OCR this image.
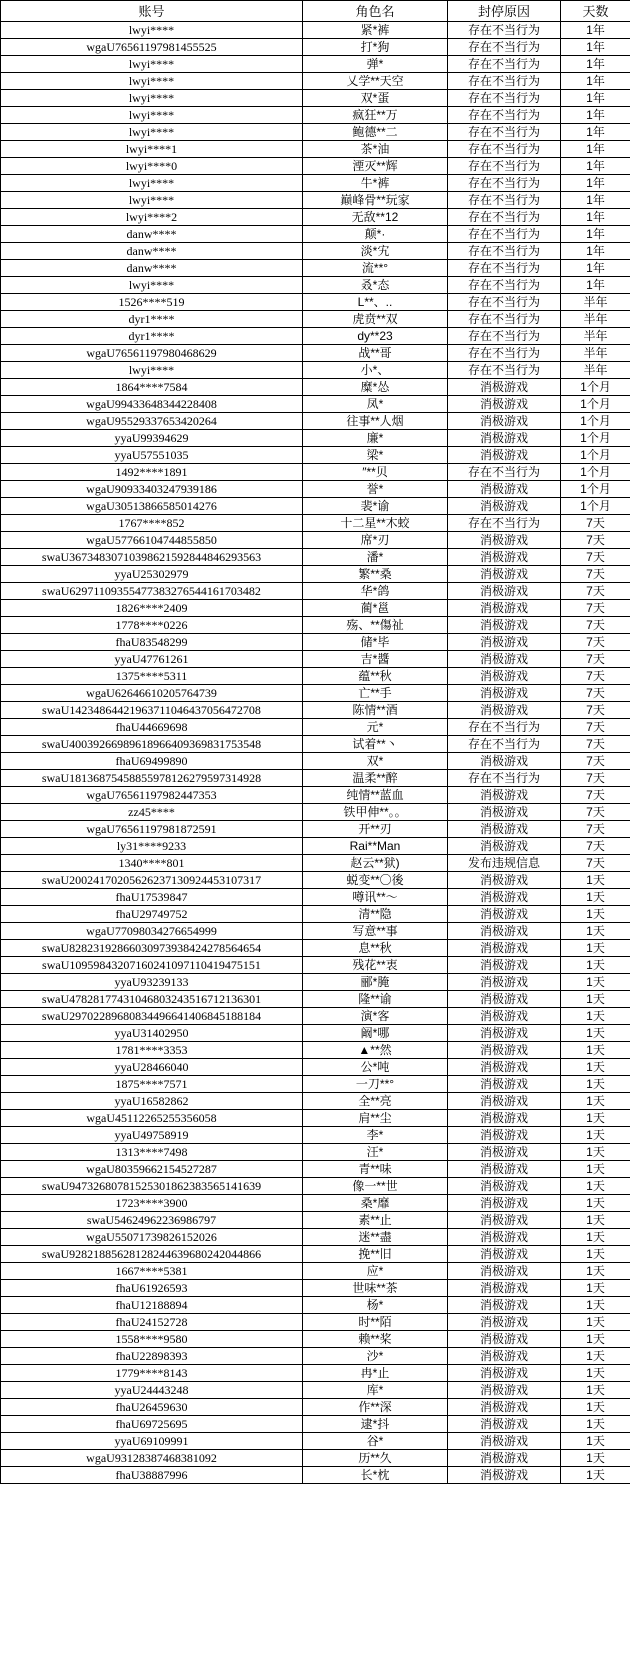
账号	角色名	封停原因	天数
lwyi****	紧*裤	存在不当行为	1年
wgaU76561197981455525	打*狗	存在不当行为	1年
lwyi****	弹*	存在不当行为	1年
lwyi****	乂学**天空	存在不当行为	1年
lwyi****	双*蛋	存在不当行为	1年
lwyi****	疯狂**万	存在不当行为	1年
lwyi****	鲍德**二	存在不当行为	1年
lwyi****1	茶*油	存在不当行为	1年
lwyi****0	湮灭**辉	存在不当行为	1年
lwyi****	牛*裤	存在不当行为	1年
lwyi****	巅峰骨**玩家	存在不当行为	1年
lwyi****2	无敌**12	存在不当行为	1年
danw****	颠*·	存在不当行为	1年
danw****	淡*宄	存在不当行为	1年
danw****	流**°	存在不当行为	1年
lwyi****	叒*态	存在不当行为	1年
1526****519	L**、..	存在不当行为	半年
dyr1****	虎贲**双	存在不当行为	半年
dyr1****	dy**23	存在不当行为	半年
wgaU76561197980468629	战**哥	存在不当行为	半年
lwyi****	小*、	存在不当行为	半年
1864****7584	糜*怂	消极游戏	1个月
wgaU99433648344228408	凤*	消极游戏	1个月
wgaU95529337653420264	往事**人烟	消极游戏	1个月
yyaU99394629	廉*	消极游戏	1个月
yyaU57551035	梁*	消极游戏	1个月
1492****1891	″**贝	存在不当行为	1个月
wgaU90933403247939186	誉*	消极游戏	1个月
wgaU30513866585014276	裴*谕	消极游戏	1个月
1767****852	十二星**木蛟	存在不当行为	7天
wgaU57766104744855850	席*刃	消极游戏	7天
swaU36734830710398621592844846293563	潘*	消极游戏	7天
yyaU25302979	繁**桑	消极游戏	7天
swaU62971109355477383276544161703482	华*鸽	消极游戏	7天
1826****2409	蔺*邕	消极游戏	7天
1778****0226	殇、**傷祉	消极游戏	7天
fhaU83548299	储*毕	消极游戏	7天
yyaU47761261	吉*醬	消极游戏	7天
1375****5311	蕴**秋	消极游戏	7天
wgaU62646610205764739	亡**手	消极游戏	7天
swaU14234864421963711046437056472708	陈情**酒	消极游戏	7天
fhaU44669698	元*	存在不当行为	7天
swaU40039266989618966409369831753548	试着**丶	存在不当行为	7天
fhaU69499890	双*	消极游戏	7天
swaU18136875458855978126279597314928	温柔**醉	存在不当行为	7天
wgaU76561197982447353	纯情**蓝血	消极游戏	7天
zz45****	铁甲伸**。。	消极游戏	7天
wgaU76561197981872591	开**刃	消极游戏	7天
ly31****9233	Rai**Man	消极游戏	7天
1340****801	赵云**狱)	发布违规信息	7天
swaU20024170205626237130924453107317	蜕变**〇後	消极游戏	1天
fhaU17539847	噂讯**～	消极游戏	1天
fhaU29749752	清**隐	消极游戏	1天
wgaU77098034276654999	写意**事	消极游戏	1天
swaU82823192866030973938424278564654	息**秋	消极游戏	1天
swaU10959843207160241097110419475151	残花**衷	消极游戏	1天
yyaU93239133	郦*腌	消极游戏	1天
swaU47828177431046803243516712136301	隆**谕	消极游戏	1天
swaU29702289680834496641406845188184	演*客	消极游戏	1天
yyaU31402950	阚*哪	消极游戏	1天
1781****3353	▲**然	消极游戏	1天
yyaU28466040	公*吨	消极游戏	1天
1875****7571	一刀**°	消极游戏	1天
yyaU16582862	全**亮	消极游戏	1天
wgaU45112265255356058	肩**尘	消极游戏	1天
yyaU49758919	李*	消极游戏	1天
1313****7498	汪*	消极游戏	1天
wgaU80359662154527287	青**味	消极游戏	1天
swaU94732680781525301862383565141639	像一**世	消极游戏	1天
1723****3900	桑*靡	消极游戏	1天
swaU54624962236986797	素**止	消极游戏	1天
wgaU55071739826152026	迷**盡	消极游戏	1天
swaU92821885628128244639680242044866	挽**旧	消极游戏	1天
1667****5381	应*	消极游戏	1天
fhaU61926593	世味**茶	消极游戏	1天
fhaU12188894	杨*	消极游戏	1天
fhaU24152728	时**陌	消极游戏	1天
1558****9580	赖**桨	消极游戏	1天
fhaU22898393	沙*	消极游戏	1天
1779****8143	冉*止	消极游戏	1天
yyaU24443248	库*	消极游戏	1天
fhaU26459630	作**深	消极游戏	1天
fhaU69725695	逮*抖	消极游戏	1天
yyaU69109991	谷*	消极游戏	1天
wgaU93128387468381092	历**久	消极游戏	1天
fhaU38887996	长*枕	消极游戏	1天
